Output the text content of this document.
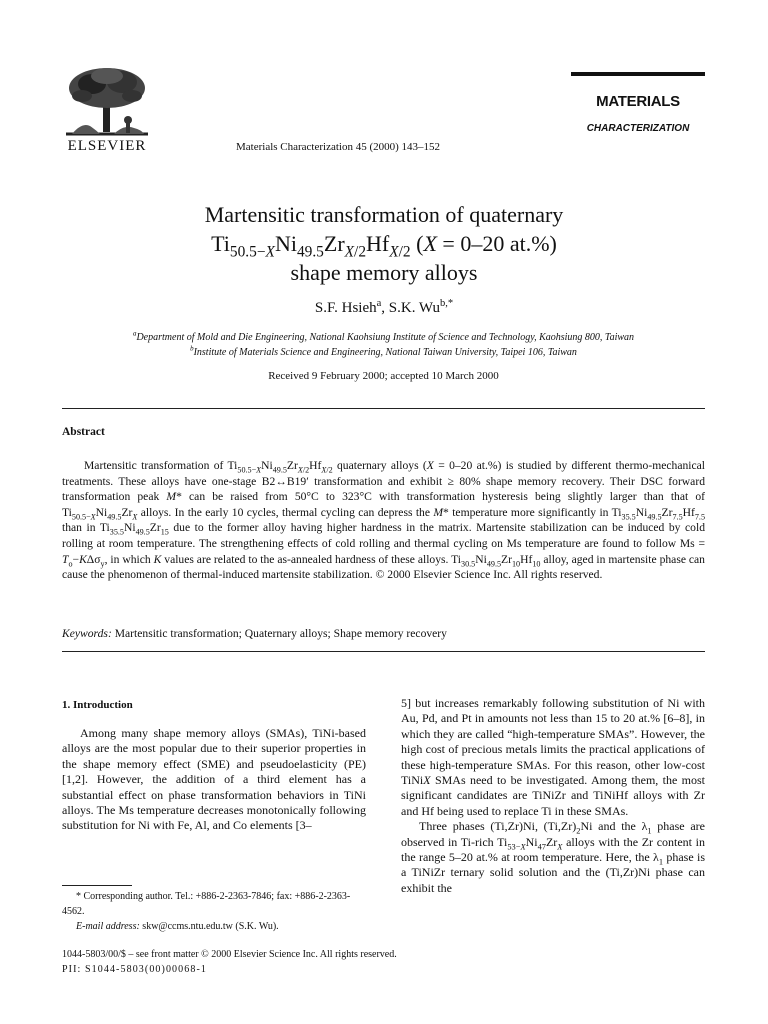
ELSEVIER	Materials Characterization 45 (2000) 143–152
MATERIALS
CHARACTERIZATION
Martensitic transformation of quaternary
$Ti_{50.5-X}Ni_{49.5}Zr_{X/2}Hf_{X/2}$ (X = 0–20 at.%)
shape memory alloys
S.F. Hsieh$^a$, S.K. $Wu^{b,*}$
$^a$Department of Mold and Die Engineering, National Kaohsiung Institute of Science and Technology, Kaohsiung 800, Taiwan
$^b$Institute of Materials Science and Engineering, National Taiwan University, Taipei 106, Taiwan
Received 9 February 2000; accepted 10 March 2000
Abstract

Martensitic transformation of $Ti_{50.5-X}Ni_{49.5}Zr_{X/2}Hf_{X/2}$ quaternary alloys (X = 0–20 at.%) is studied by different thermo-mechanical treatments. These alloys have one-stage B2↔B19′ transformation and exhibit ≥ 80% shape memory recovery. Their DSC forward transformation peak M* can be raised from 50°C to 323°C with transformation hysteresis being slightly larger than that of $Ti_{50.5-X}Ni_{49.5}Zr_X$ alloys. In the early 10 cycles, thermal cycling can depress the M* temperature more significantly in $Ti_{35.5}Ni_{49.5}Zr_{7.5}Hf_{7.5}$ than in $Ti_{35.5}Ni_{49.5}Zr_{15}$ due to the former alloy having higher hardness in the matrix. Martensite stabilization can be induced by cold rolling at room temperature. The strengthening effects of cold rolling and thermal cycling on Ms temperature are found to follow $Ms = T_o-K\Delta\sigma_y$, in which K values are related to the as-annealed hardness of these alloys. $Ti_{30.5}Ni_{49.5}Zr_{10}Hf_{10}$ alloy, aged in martensite phase can cause the phenomenon of thermal-induced martensite stabilization. © 2000 Elsevier Science Inc. All rights reserved.

Keywords: Martensitic transformation; Quaternary alloys; Shape memory recovery
1. Introduction

Among many shape memory alloys (SMAs), TiNi-based alloys are the most popular due to their superior properties in the shape memory effect (SME) and pseudoelasticity (PE) [1,2]. However, the addition of a third element has a substantial effect on phase transformation behaviors in TiNi alloys. The Ms temperature decreases monotonically following substitution for Ni with Fe, Al, and Co elements [3–

5] but increases remarkably following substitution of Ni with Au, Pd, and Pt in amounts not less than 15 to 20 at.% [6–8], in which they are called “high-temperature SMAs”. However, the high cost of precious metals limits the practical applications of these high-temperature SMAs. For this reason, other low-cost TiNiX SMAs need to be investigated. Among them, the most significant candidates are TiNiZr and TiNiHf alloys with Zr and Hf being used to replace Ti in these SMAs.

Three phases (Ti,Zr)Ni, $(Ti,Zr)_2Ni$ and the $\lambda_1$ phase are observed in Ti-rich $Ti_{53-X}Ni_{47}Zr_X$ alloys with the Zr content in the range 5–20 at.% at room temperature. Here, the $\lambda_1$ phase is a TiNiZr ternary solid solution and the (Ti,Zr)Ni phase can exhibit the

* Corresponding author. Tel.: +886-2-2363-7846; fax: +886-2-2363-4562.

E-mail address: skw@ccms.ntu.edu.tw (S.K. Wu).

1044-5803/00/$ – see front matter © 2000 Elsevier Science Inc. All rights reserved.
PII: S1044-5803(00)00068-1
